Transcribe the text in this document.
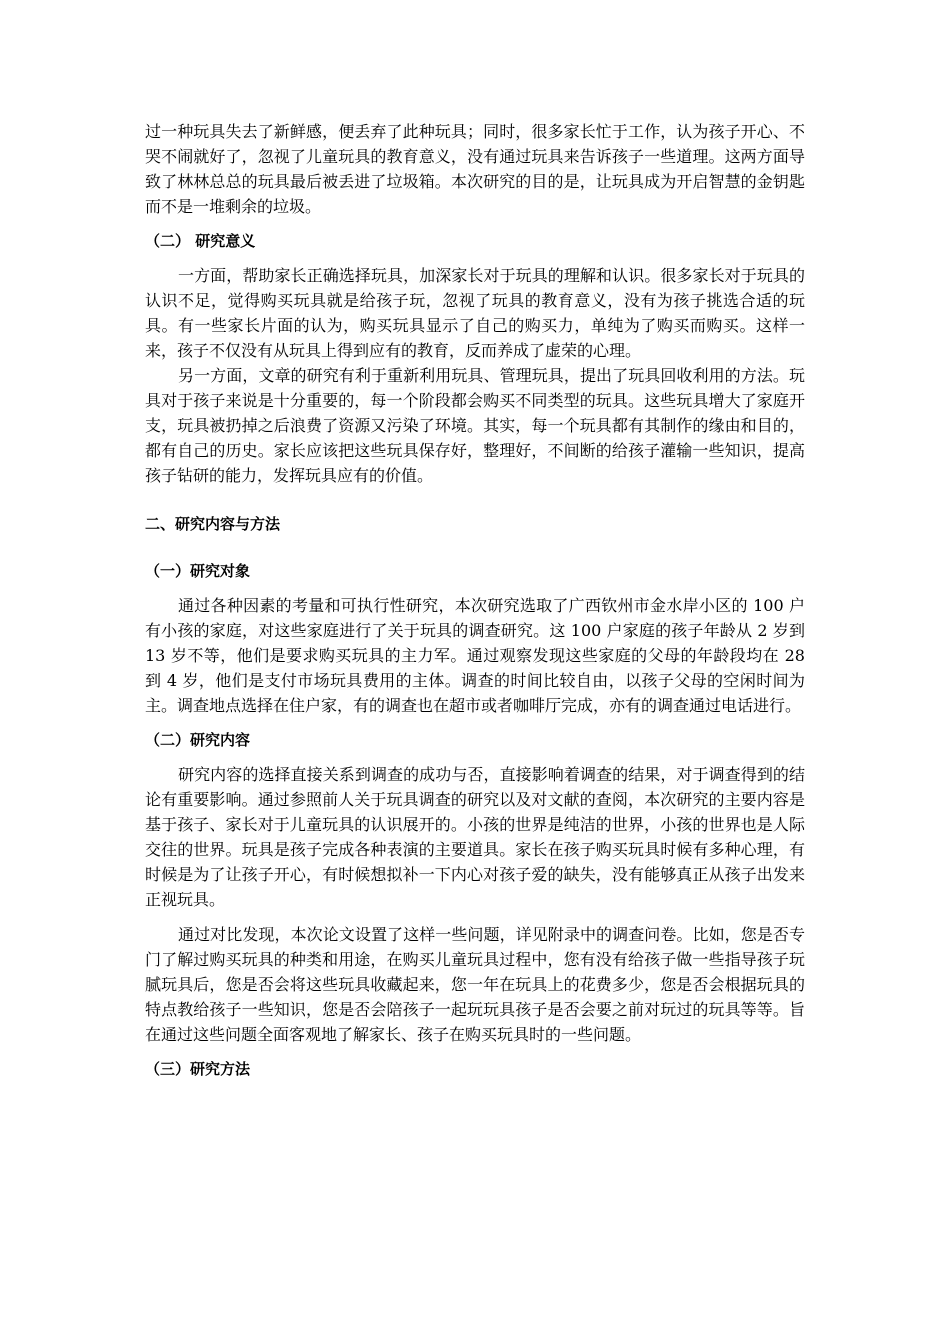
过一种玩具失去了新鲜感，便丢弃了此种玩具；同时，很多家长忙于工作，认为孩子开心、不哭不闹就好了，忽视了儿童玩具的教育意义，没有通过玩具来告诉孩子一些道理。这两方面导致了林林总总的玩具最后被丢进了垃圾箱。本次研究的目的是，让玩具成为开启智慧的金钥匙而不是一堆剩余的垃圾。

（二） 研究意义

一方面，帮助家长正确选择玩具，加深家长对于玩具的理解和认识。很多家长对于玩具的认识不足，觉得购买玩具就是给孩子玩，忽视了玩具的教育意义，没有为孩子挑选合适的玩具。有一些家长片面的认为，购买玩具显示了自己的购买力，单纯为了购买而购买。这样一来，孩子不仅没有从玩具上得到应有的教育，反而养成了虚荣的心理。

另一方面，文章的研究有利于重新利用玩具、管理玩具，提出了玩具回收利用的方法。玩具对于孩子来说是十分重要的，每一个阶段都会购买不同类型的玩具。这些玩具增大了家庭开支，玩具被扔掉之后浪费了资源又污染了环境。其实，每一个玩具都有其制作的缘由和目的，都有自己的历史。家长应该把这些玩具保存好，整理好，不间断的给孩子灌输一些知识，提高孩子钻研的能力，发挥玩具应有的价值。

二、研究内容与方法
（一）研究对象

通过各种因素的考量和可执行性研究，本次研究选取了广西钦州市金水岸小区的 100 户有小孩的家庭，对这些家庭进行了关于玩具的调查研究。这 100 户家庭的孩子年龄从 2 岁到 13 岁不等，他们是要求购买玩具的主力军。通过观察发现这些家庭的父母的年龄段均在 28 到 4 岁，他们是支付市场玩具费用的主体。调查的时间比较自由，以孩子父母的空闲时间为主。调查地点选择在住户家，有的调查也在超市或者咖啡厅完成，亦有的调查通过电话进行。

（二）研究内容

研究内容的选择直接关系到调查的成功与否，直接影响着调查的结果，对于调查得到的结论有重要影响。通过参照前人关于玩具调查的研究以及对文献的查阅，本次研究的主要内容是基于孩子、家长对于儿童玩具的认识展开的。小孩的世界是纯洁的世界，小孩的世界也是人际交往的世界。玩具是孩子完成各种表演的主要道具。家长在孩子购买玩具时候有多种心理，有时候是为了让孩子开心，有时候想拟补一下内心对孩子爱的缺失，没有能够真正从孩子出发来正视玩具。

通过对比发现，本次论文设置了这样一些问题，详见附录中的调查问卷。比如，您是否专门了解过购买玩具的种类和用途，在购买儿童玩具过程中，您有没有给孩子做一些指导孩子玩腻玩具后，您是否会将这些玩具收藏起来，您一年在玩具上的花费多少，您是否会根据玩具的特点教给孩子一些知识，您是否会陪孩子一起玩玩具孩子是否会要之前对玩过的玩具等等。旨在通过这些问题全面客观地了解家长、孩子在购买玩具时的一些问题。

（三）研究方法
